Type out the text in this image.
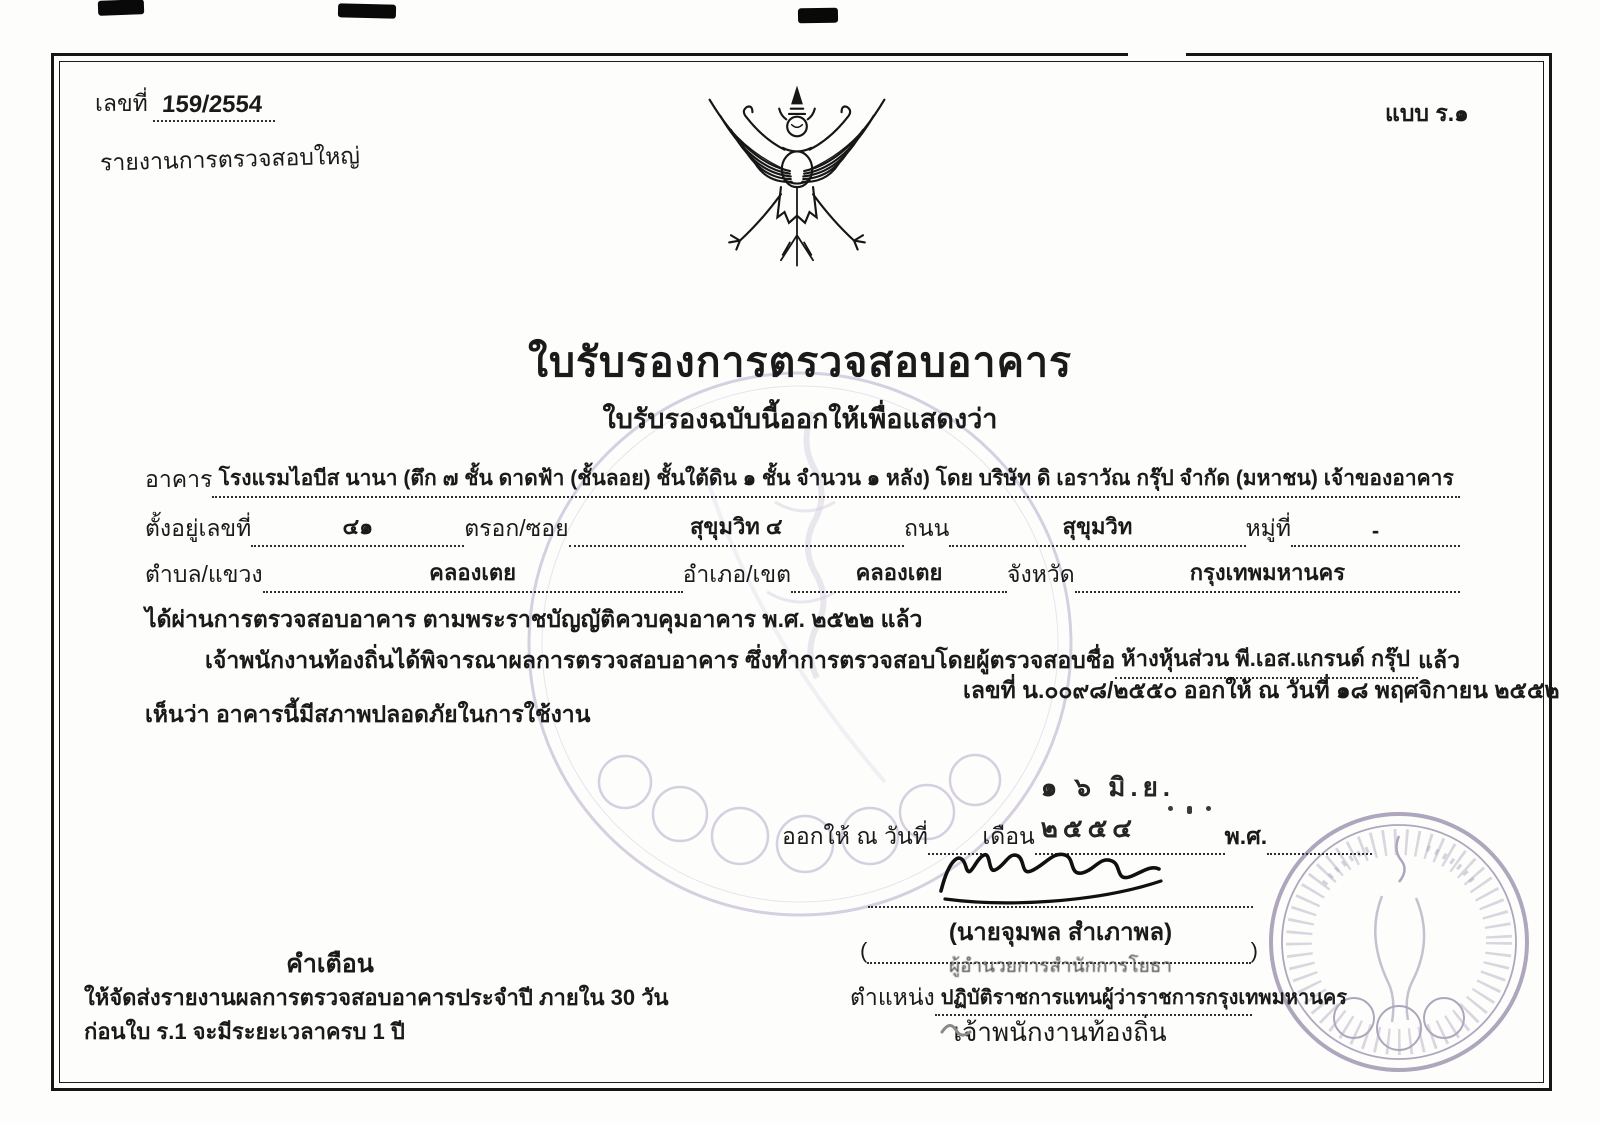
เลขที่ 159/2554	แบบ ร.๑
รายงานการตรวจสอบใหญ่
ใบรับรองการตรวจสอบอาคาร
ใบรับรองฉบับนี้ออกให้เพื่อแสดงว่า
อาคาร โรงแรมไอบีส นานา (ตึก ๗ ชั้น ดาดฟ้า (ชั้นลอย) ชั้นใต้ดิน ๑ ชั้น จำนวน ๑ หลัง) โดย บริษัท ดิ เอราวัณ กรุ๊ป จำกัด (มหาชน) เจ้าของอาคาร
ตั้งอยู่เลขที่	๔๑	ตรอก/ซอย	สุขุมวิท ๔	ถนน	สุขุมวิท	หมู่ที่	-
ตำบล/แขวง	คลองเตย	อำเภอ/เขต	คลองเตย	จังหวัด	กรุงเทพมหานคร
ได้ผ่านการตรวจสอบอาคาร ตามพระราชบัญญัติควบคุมอาคาร พ.ศ. ๒๕๒๒ แล้ว
เจ้าพนักงานท้องถิ่นได้พิจารณาผลการตรวจสอบอาคาร ซึ่งทำการตรวจสอบโดยผู้ตรวจสอบชื่อ ห้างหุ้นส่วน พี.เอส.แกรนด์ กรุ๊ป แล้ว
เลขที่ น.๐๐๙๘/๒๕๕๐ ออกให้ ณ วันที่ ๑๘ พฤศจิกายน ๒๕๕๒
เห็นว่า อาคารนี้มีสภาพปลอดภัยในการใช้งาน
ออกให้ ณ วันที่ เดือน
๑ ๖ มิ.ย. ๒๕๕๔	พ.ศ.
(นายจุมพล สำเภาพล)
(	)
ผู้อำนวยการสำนักการโยธา
ตำแหน่ง ปฏิบัติราชการแทนผู้ว่าราชการกรุงเทพมหานคร
เจ้าพนักงานท้องถิ่น
คำเตือน
ให้จัดส่งรายงานผลการตรวจสอบอาคารประจำปี ภายใน 30 วัน
ก่อนใบ ร.1 จะมีระยะเวลาครบ 1 ปี
